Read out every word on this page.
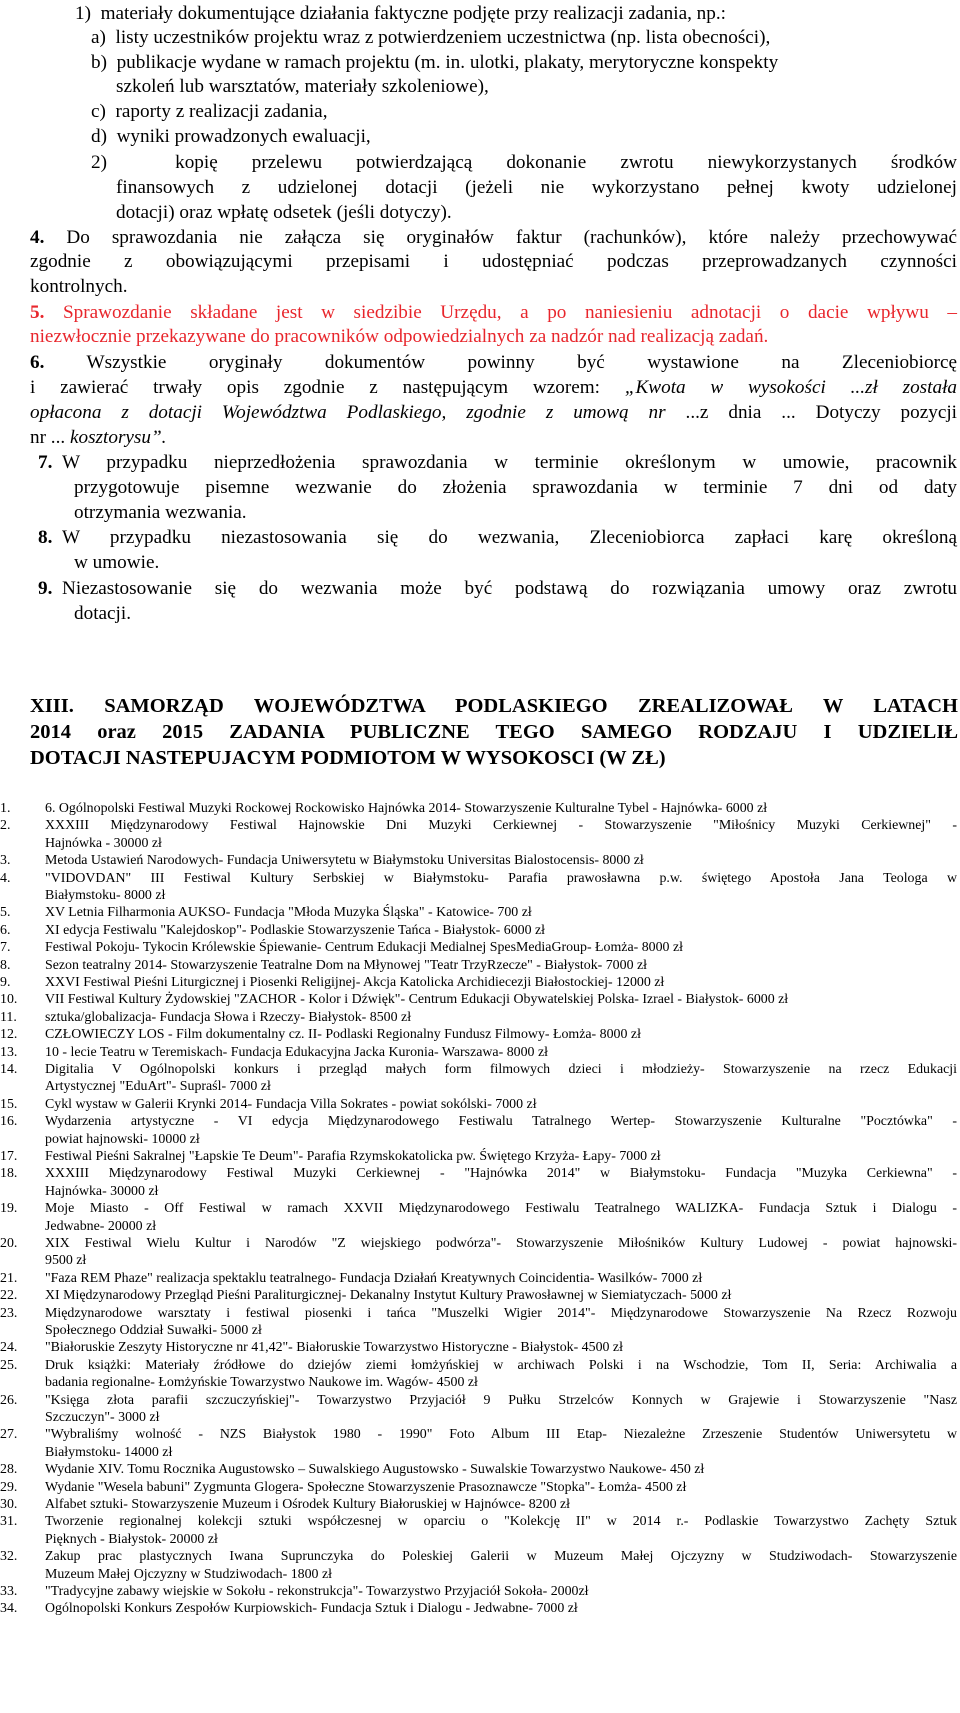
1)  materiały dokumentujące działania faktyczne podjęte przy realizacji zadania, np.:
a)  listy uczestników projektu wraz z potwierdzeniem uczestnictwa (np. lista obecności),
b)  publikacje wydane w ramach projektu (m. in. ulotki, plakaty, merytoryczne konspekty
szkoleń lub warsztatów, materiały szkoleniowe),
c)  raporty z realizacji zadania,
d)  wyniki prowadzonych ewaluacji,
2)  kopię przelewu potwierdzającą dokonanie zwrotu niewykorzystanych środków
finansowych z udzielonej dotacji (jeżeli nie wykorzystano pełnej kwoty udzielonej
dotacji) oraz wpłatę odsetek (jeśli dotyczy).
4. Do sprawozdania nie załącza się oryginałów faktur (rachunków), które należy przechowywać
zgodnie z obowiązującymi przepisami i udostępniać podczas przeprowadzanych czynności
kontrolnych.
5. Sprawozdanie składane jest w siedzibie Urzędu, a po naniesieniu adnotacji o dacie wpływu –
niezwłocznie przekazywane do pracowników odpowiedzialnych za nadzór nad realizacją zadań.
6. Wszystkie oryginały dokumentów powinny być wystawione na Zleceniobiorcę
i zawierać trwały opis zgodnie z następującym wzorem: „Kwota w wysokości ...zł została
opłacona z dotacji Województwa Podlaskiego, zgodnie z umową nr ...z dnia ... Dotyczy pozycji
nr ... kosztorysu”.
7. W przypadku nieprzedłożenia sprawozdania w terminie określonym w umowie, pracownik
przygotowuje pisemne wezwanie do złożenia sprawozdania w terminie 7 dni od daty
otrzymania wezwania.
8. W przypadku niezastosowania się do wezwania, Zleceniobiorca zapłaci karę określoną
w umowie.
9. Niezastosowanie się do wezwania może być podstawą do rozwiązania umowy oraz zwrotu
dotacji.
XIII. SAMORZĄD WOJEWÓDZTWA PODLASKIEGO ZREALIZOWAŁ W LATACH
2014 oraz 2015 ZADANIA PUBLICZNE TEGO SAMEGO RODZAJU I UDZIELIŁ
DOTACJI NASTEPUJACYM PODMIOTOM W WYSOKOSCI (W ZŁ)
1.	6. Ogólnopolski Festiwal Muzyki Rockowej Rockowisko Hajnówka 2014- Stowarzyszenie Kulturalne Tybel - Hajnówka- 6000 zł
2.	XXXIII Międzynarodowy Festiwal Hajnowskie Dni Muzyki Cerkiewnej - Stowarzyszenie "Miłośnicy Muzyki Cerkiewnej" -
Hajnówka - 30000 zł
3.	Metoda Ustawień Narodowych- Fundacja Uniwersytetu w Białymstoku Universitas Bialostocensis- 8000 zł
4.	"VIDOVDAN" III Festiwal Kultury Serbskiej w Białymstoku- Parafia prawosławna p.w. świętego Apostoła Jana Teologa w
Białymstoku- 8000 zł
5.	XV Letnia Filharmonia AUKSO- Fundacja "Młoda Muzyka Śląska" - Katowice- 700 zł
6.	XI edycja Festiwalu "Kalejdoskop"- Podlaskie Stowarzyszenie Tańca - Białystok- 6000 zł
7.	Festiwal Pokoju- Tykocin Królewskie Śpiewanie- Centrum Edukacji Medialnej SpesMediaGroup- Łomża- 8000 zł
8.	Sezon teatralny 2014- Stowarzyszenie Teatralne Dom na Młynowej "Teatr TrzyRzecze" - Białystok- 7000 zł
9.	XXVI Festiwal Pieśni Liturgicznej i Piosenki Religijnej- Akcja Katolicka Archidiecezji Białostockiej- 12000 zł
10.	VII Festiwal Kultury Żydowskiej "ZACHOR - Kolor i Dźwięk"- Centrum Edukacji Obywatelskiej Polska- Izrael - Białystok- 6000 zł
11.	sztuka/globalizacja- Fundacja Słowa i Rzeczy- Białystok- 8500 zł
12.	CZŁOWIECZY LOS - Film dokumentalny cz. II- Podlaski Regionalny Fundusz Filmowy- Łomża- 8000 zł
13.	10 - lecie Teatru w Teremiskach- Fundacja Edukacyjna Jacka Kuronia- Warszawa- 8000 zł
14.	Digitalia V Ogólnopolski konkurs i przegląd małych form filmowych dzieci i młodzieży- Stowarzyszenie na rzecz Edukacji
Artystycznej "EduArt"- Supraśl- 7000 zł
15.	Cykl wystaw w Galerii Krynki 2014- Fundacja Villa Sokrates - powiat sokólski- 7000 zł
16.	Wydarzenia artystyczne - VI edycja Międzynarodowego Festiwalu Tatralnego Wertep- Stowarzyszenie Kulturalne "Pocztówka" -
powiat hajnowski- 10000 zł
17.	Festiwal Pieśni Sakralnej "Łapskie Te Deum"- Parafia Rzymskokatolicka pw. Świętego Krzyża- Łapy- 7000 zł
18.	XXXIII Międzynarodowy Festiwal Muzyki Cerkiewnej - "Hajnówka 2014" w Białymstoku- Fundacja "Muzyka Cerkiewna" -
Hajnówka- 30000 zł
19.	Moje Miasto - Off Festiwal w ramach XXVII Międzynarodowego Festiwalu Teatralnego WALIZKA- Fundacja Sztuk i Dialogu -
Jedwabne- 20000 zł
20.	XIX Festiwal Wielu Kultur i Narodów "Z wiejskiego podwórza"- Stowarzyszenie Miłośników Kultury Ludowej - powiat hajnowski-
9500 zł
21.	"Faza REM Phaze" realizacja spektaklu teatralnego- Fundacja Działań Kreatywnych Coincidentia- Wasilków- 7000 zł
22.	XI Międzynarodowy Przegląd Pieśni Paraliturgicznej- Dekanalny Instytut Kultury Prawosławnej w Siemiatyczach- 5000 zł
23.	Międzynarodowe warsztaty i festiwal piosenki i tańca "Muszelki Wigier 2014"- Międzynarodowe Stowarzyszenie Na Rzecz Rozwoju
Społecznego Oddział Suwałki- 5000 zł
24.	"Białoruskie Zeszyty Historyczne nr 41,42"- Białoruskie Towarzystwo Historyczne - Białystok- 4500 zł
25.	Druk książki: Materiały źródłowe do dziejów ziemi łomżyńskiej w archiwach Polski i na Wschodzie, Tom II, Seria: Archiwalia a
badania regionalne- Łomżyńskie Towarzystwo Naukowe im. Wagów- 4500 zł
26.	"Księga złota parafii szczuczyńskiej"- Towarzystwo Przyjaciół 9 Pułku Strzelców Konnych w Grajewie i Stowarzyszenie "Nasz
Szczuczyn"- 3000 zł
27.	"Wybraliśmy wolność - NZS Białystok 1980 - 1990" Foto Album III Etap- Niezależne Zrzeszenie Studentów Uniwersytetu w
Białymstoku- 14000 zł
28.	Wydanie XIV. Tomu Rocznika Augustowsko – Suwalskiego Augustowsko - Suwalskie Towarzystwo Naukowe- 450 zł
29.	Wydanie "Wesela babuni" Zygmunta Glogera- Społeczne Stowarzyszenie Prasoznawcze "Stopka"- Łomża- 4500 zł
30.	Alfabet sztuki- Stowarzyszenie Muzeum i Ośrodek Kultury Białoruskiej w Hajnówce- 8200 zł
31.	Tworzenie regionalnej kolekcji sztuki współczesnej w oparciu o "Kolekcję II" w 2014 r.- Podlaskie Towarzystwo Zachęty Sztuk
Pięknych - Białystok- 20000 zł
32.	Zakup prac plastycznych Iwana Suprunczyka do Poleskiej Galerii w Muzeum Małej Ojczyzny w Studziwodach- Stowarzyszenie
Muzeum Małej Ojczyzny w Studziwodach- 1800 zł
33.	"Tradycyjne zabawy wiejskie w Sokołu - rekonstrukcja"- Towarzystwo Przyjaciół Sokoła- 2000zł
34.	Ogólnopolski Konkurs Zespołów Kurpiowskich- Fundacja Sztuk i Dialogu - Jedwabne- 7000 zł
